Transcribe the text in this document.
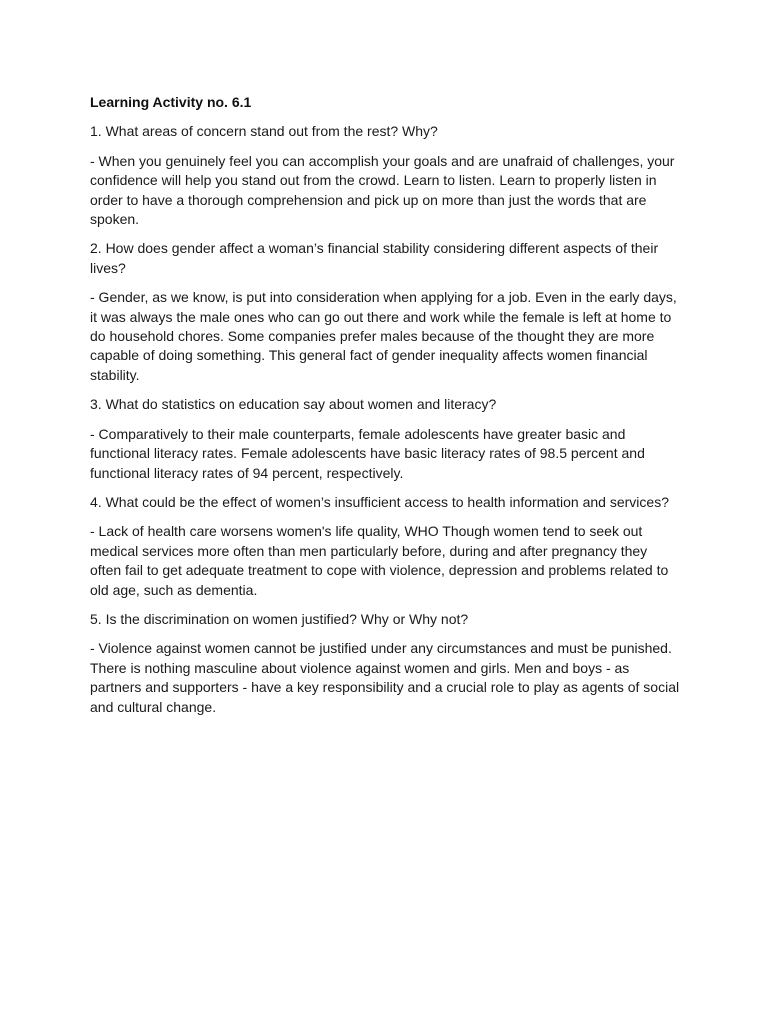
Learning Activity no. 6.1

1. What areas of concern stand out from the rest? Why?

- When you genuinely feel you can accomplish your goals and are unafraid of challenges, your confidence will help you stand out from the crowd. Learn to listen. Learn to properly listen in order to have a thorough comprehension and pick up on more than just the words that are spoken.

2. How does gender affect a woman’s financial stability considering different aspects of their lives?

- Gender, as we know, is put into consideration when applying for a job. Even in the early days, it was always the male ones who can go out there and work while the female is left at home to do household chores. Some companies prefer males because of the thought they are more capable of doing something. This general fact of gender inequality affects women financial stability.

3. What do statistics on education say about women and literacy?

- Comparatively to their male counterparts, female adolescents have greater basic and functional literacy rates. Female adolescents have basic literacy rates of 98.5 percent and functional literacy rates of 94 percent, respectively.

4. What could be the effect of women’s insufficient access to health information and services?

- Lack of health care worsens women's life quality, WHO Though women tend to seek out medical services more often than men particularly before, during and after pregnancy they often fail to get adequate treatment to cope with violence, depression and problems related to old age, such as dementia.

5. Is the discrimination on women justified? Why or Why not?

- Violence against women cannot be justified under any circumstances and must be punished. There is nothing masculine about violence against women and girls. Men and boys - as partners and supporters - have a key responsibility and a crucial role to play as agents of social and cultural change.
